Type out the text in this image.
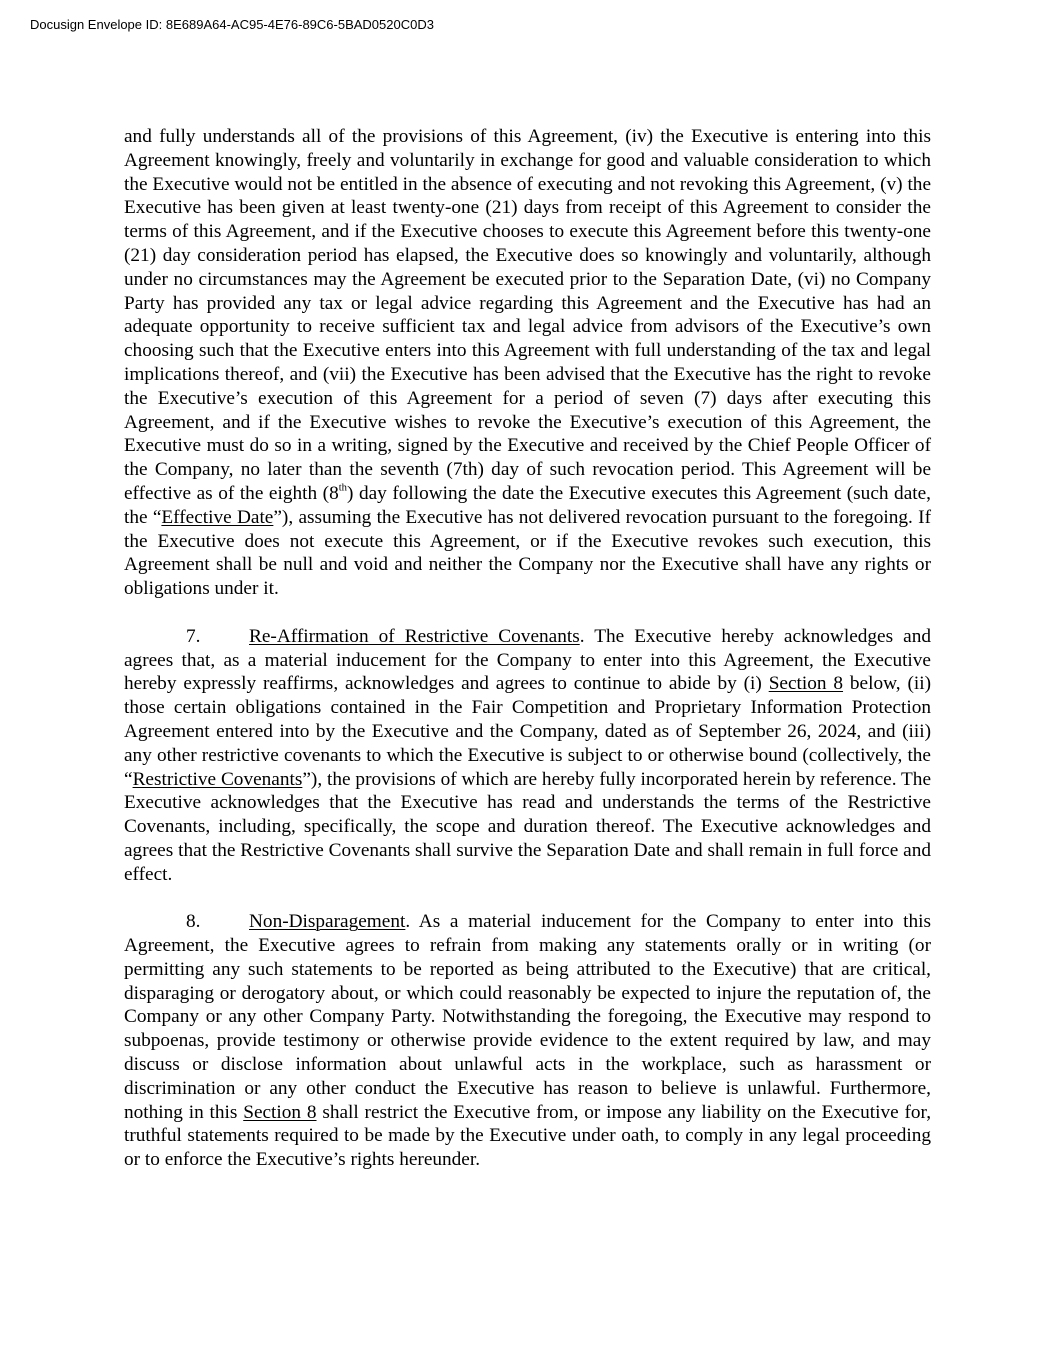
Docusign Envelope ID: 8E689A64-AC95-4E76-89C6-5BAD0520C0D3

and fully understands all of the provisions of this Agreement, (iv) the Executive is entering into this Agreement knowingly, freely and voluntarily in exchange for good and valuable consideration to which the Executive would not be entitled in the absence of executing and not revoking this Agreement, (v) the Executive has been given at least twenty-one (21) days from receipt of this Agreement to consider the terms of this Agreement, and if the Executive chooses to execute this Agreement before this twenty-one (21) day consideration period has elapsed, the Executive does so knowingly and voluntarily, although under no circumstances may the Agreement be executed prior to the Separation Date, (vi) no Company Party has provided any tax or legal advice regarding this Agreement and the Executive has had an adequate opportunity to receive sufficient tax and legal advice from advisors of the Executive’s own choosing such that the Executive enters into this Agreement with full understanding of the tax and legal implications thereof, and (vii) the Executive has been advised that the Executive has the right to revoke the Executive’s execution of this Agreement for a period of seven (7) days after executing this Agreement, and if the Executive wishes to revoke the Executive’s execution of this Agreement, the Executive must do so in a writing, signed by the Executive and received by the Chief People Officer of the Company, no later than the seventh (7th) day of such revocation period. This Agreement will be effective as of the eighth (8th) day following the date the Executive executes this Agreement (such date, the “Effective Date”), assuming the Executive has not delivered revocation pursuant to the foregoing. If the Executive does not execute this Agreement, or if the Executive revokes such execution, this Agreement shall be null and void and neither the Company nor the Executive shall have any rights or obligations under it.

7.	Re-Affirmation of Restrictive Covenants. The Executive hereby acknowledges and agrees that, as a material inducement for the Company to enter into this Agreement, the Executive hereby expressly reaffirms, acknowledges and agrees to continue to abide by (i) Section 8 below, (ii) those certain obligations contained in the Fair Competition and Proprietary Information Protection Agreement entered into by the Executive and the Company, dated as of September 26, 2024, and (iii) any other restrictive covenants to which the Executive is subject to or otherwise bound (collectively, the “Restrictive Covenants”), the provisions of which are hereby fully incorporated herein by reference. The Executive acknowledges that the Executive has read and understands the terms of the Restrictive Covenants, including, specifically, the scope and duration thereof. The Executive acknowledges and agrees that the Restrictive Covenants shall survive the Separation Date and shall remain in full force and effect.

8.	Non-Disparagement. As a material inducement for the Company to enter into this Agreement, the Executive agrees to refrain from making any statements orally or in writing (or permitting any such statements to be reported as being attributed to the Executive) that are critical, disparaging or derogatory about, or which could reasonably be expected to injure the reputation of, the Company or any other Company Party. Notwithstanding the foregoing, the Executive may respond to subpoenas, provide testimony or otherwise provide evidence to the extent required by law, and may discuss or disclose information about unlawful acts in the workplace, such as harassment or discrimination or any other conduct the Executive has reason to believe is unlawful. Furthermore, nothing in this Section 8 shall restrict the Executive from, or impose any liability on the Executive for, truthful statements required to be made by the Executive under oath, to comply in any legal proceeding or to enforce the Executive’s rights hereunder.
